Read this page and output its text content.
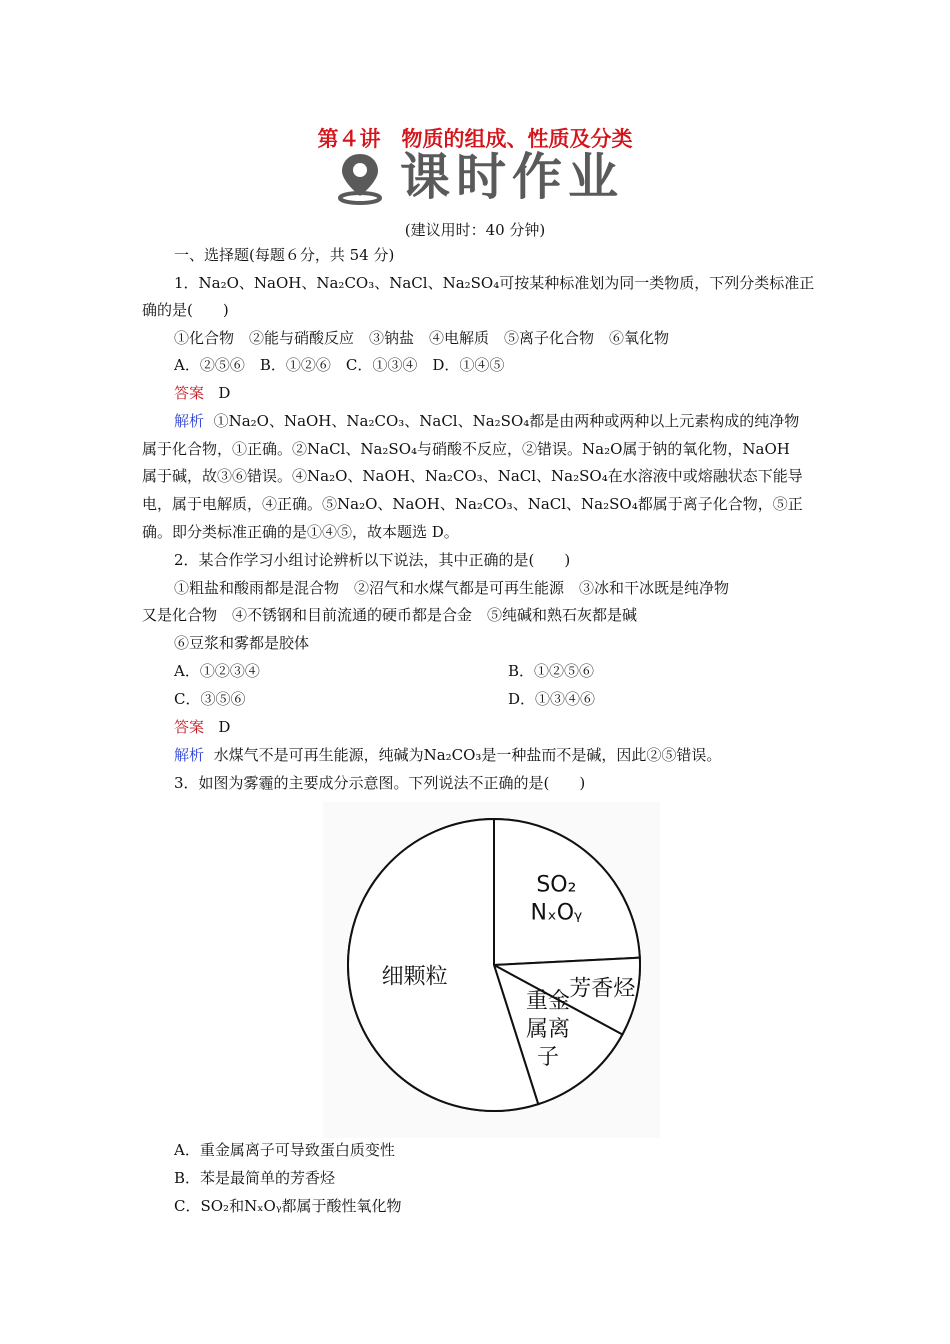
第４讲　物质的组成、性质及分类
课时作业
(建议用时：40 分钟)
一、选择题(每题６分，共 54 分)
1．Na₂O、NaOH、Na₂CO₃、NaCl、Na₂SO₄可按某种标准划为同一类物质，下列分类标准正
确的是(　　)
①化合物　②能与硝酸反应　③钠盐　④电解质　⑤离子化合物　⑥氧化物
A．②⑤⑥　B．①②⑥　C．①③④　D．①④⑤
答案 D
解析 ①Na₂O、NaOH、Na₂CO₃、NaCl、Na₂SO₄都是由两种或两种以上元素构成的纯净物
属于化合物，①正确。②NaCl、Na₂SO₄与硝酸不反应，②错误。Na₂O属于钠的氧化物，NaOH
属于碱，故③⑥错误。④Na₂O、NaOH、Na₂CO₃、NaCl、Na₂SO₄在水溶液中或熔融状态下能导
电，属于电解质，④正确。⑤Na₂O、NaOH、Na₂CO₃、NaCl、Na₂SO₄都属于离子化合物，⑤正
确。即分类标准正确的是①④⑤，故本题选 D。
2．某合作学习小组讨论辨析以下说法，其中正确的是(　　)
①粗盐和酸雨都是混合物　②沼气和水煤气都是可再生能源　③冰和干冰既是纯净物
又是化合物　④不锈钢和目前流通的硬币都是合金　⑤纯碱和熟石灰都是碱
⑥豆浆和雾都是胶体
A．①②③④	B．①②⑤⑥
C．③⑤⑥	D．①③④⑥
答案 D
解析 水煤气不是可再生能源，纯碱为Na₂CO₃是一种盐而不是碱，因此②⑤错误。
3．如图为雾霾的主要成分示意图。下列说法不正确的是(　　)
SO₂
NₓOᵧ
芳香烃
重金
属离
子
细颗粒
A．重金属离子可导致蛋白质变性
B．苯是最简单的芳香烃
C．SO₂和NₓOᵧ都属于酸性氧化物
